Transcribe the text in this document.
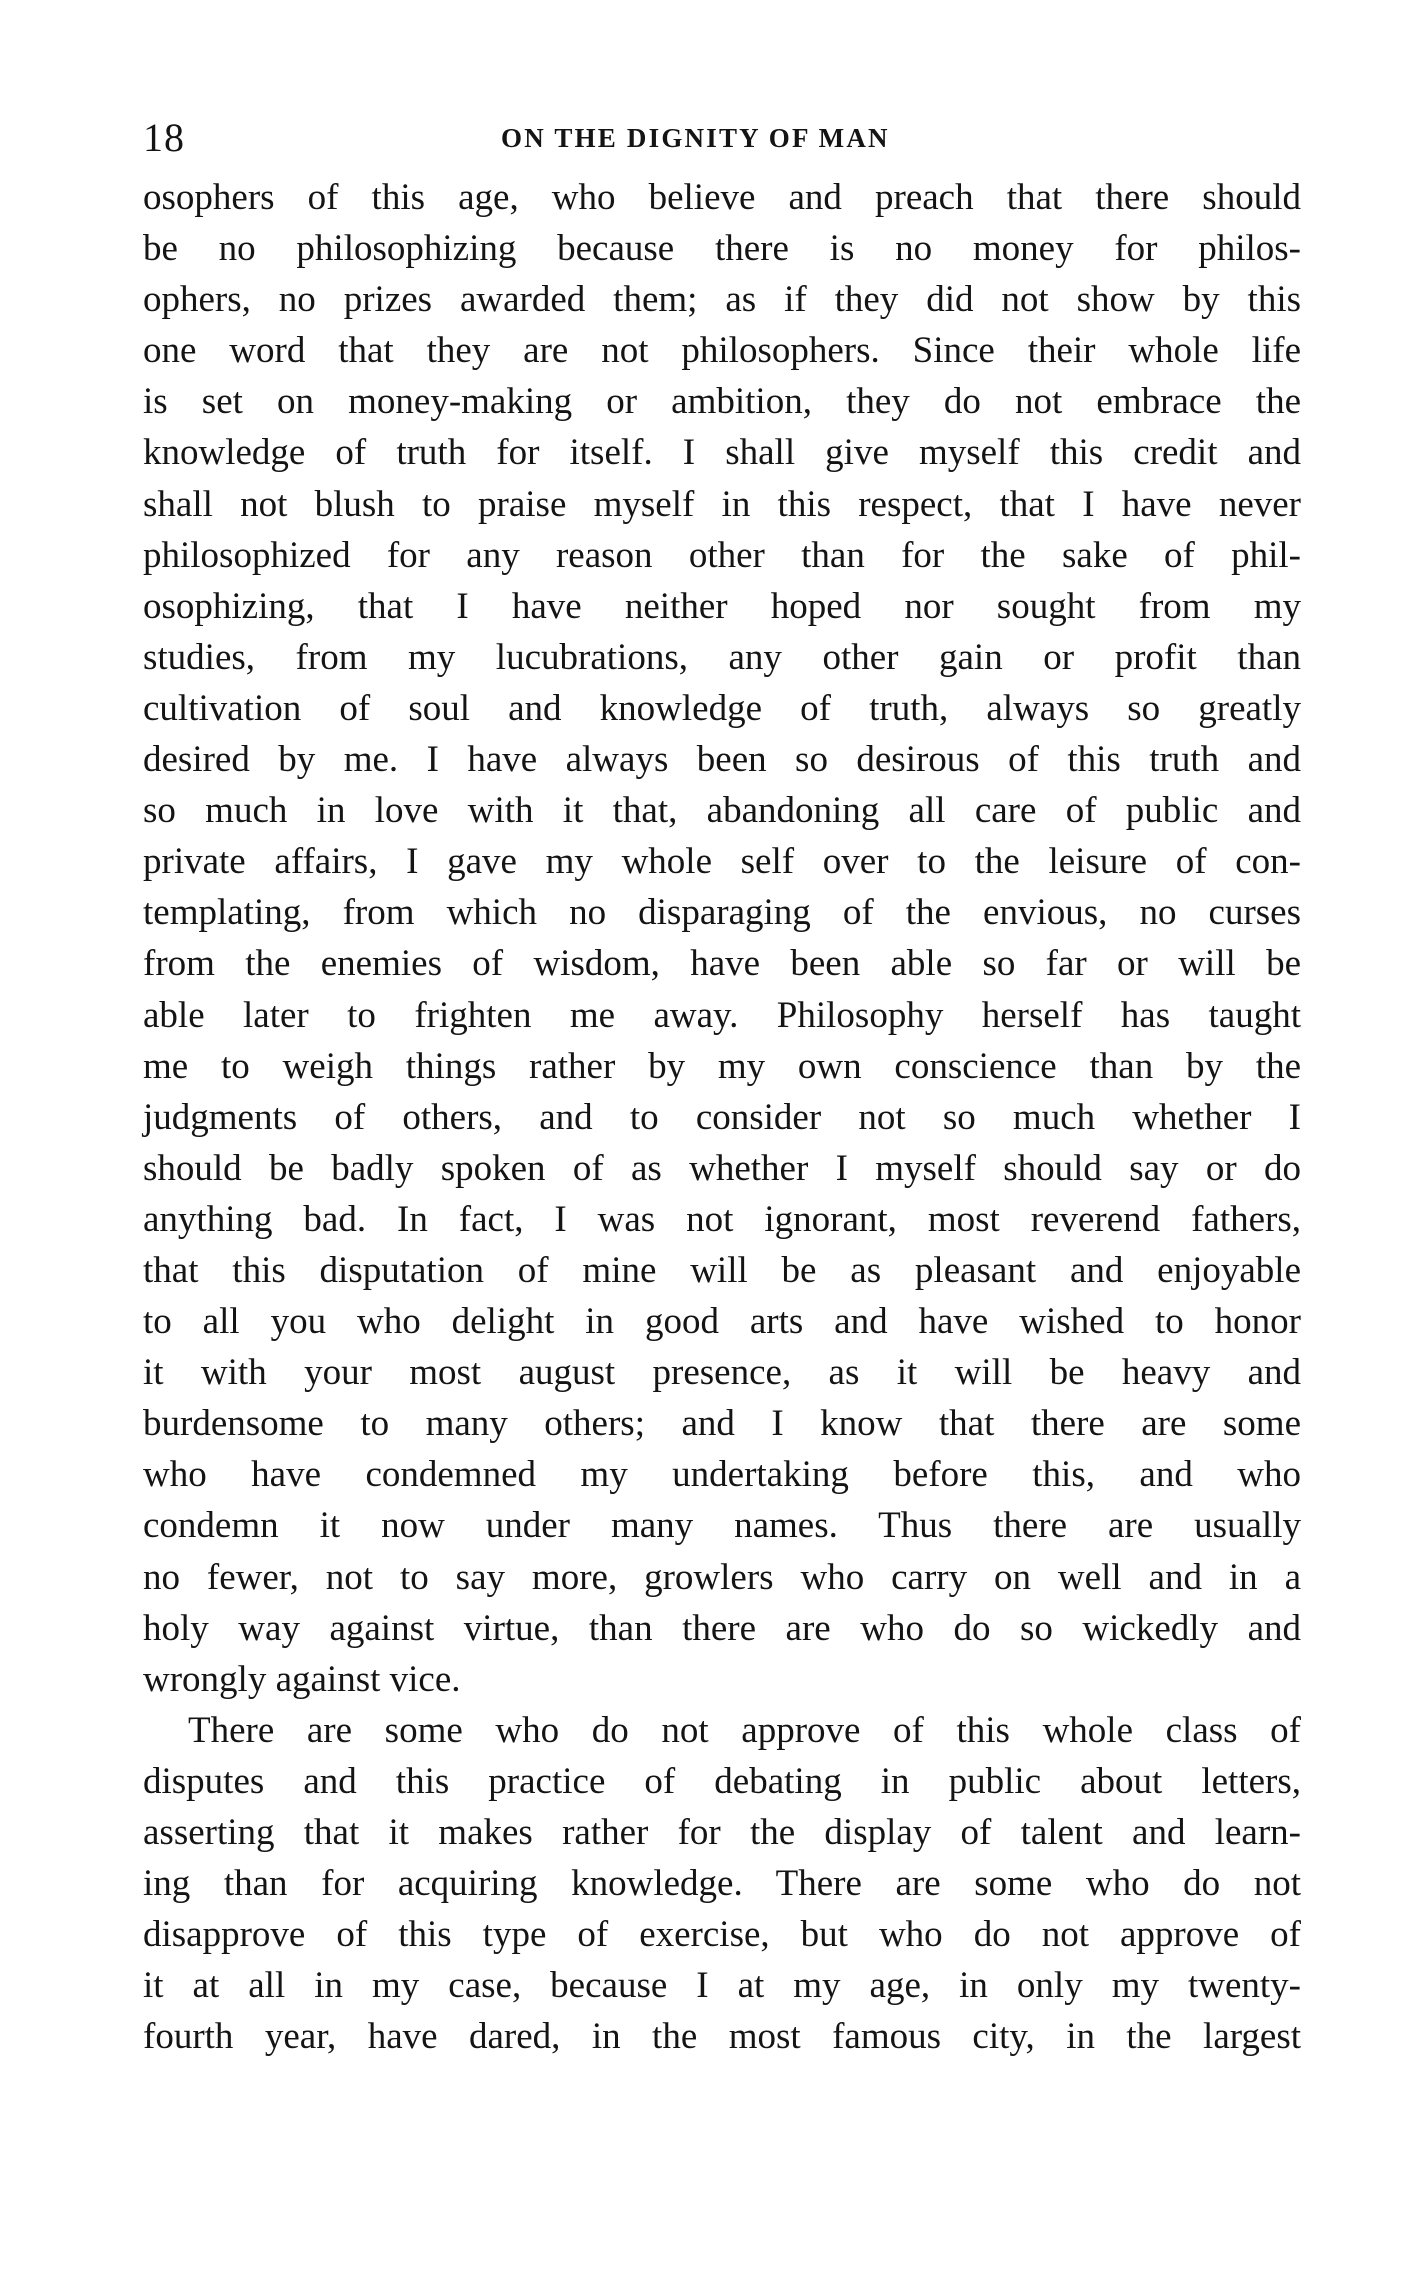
18	ON THE DIGNITY OF MAN
osophers of this age, who believe and preach that there should
be no philosophizing because there is no money for philos-
ophers, no prizes awarded them; as if they did not show by this
one word that they are not philosophers. Since their whole life
is set on money-making or ambition, they do not embrace the
knowledge of truth for itself. I shall give myself this credit and
shall not blush to praise myself in this respect, that I have never
philosophized for any reason other than for the sake of phil-
osophizing, that I have neither hoped nor sought from my
studies, from my lucubrations, any other gain or profit than
cultivation of soul and knowledge of truth, always so greatly
desired by me. I have always been so desirous of this truth and
so much in love with it that, abandoning all care of public and
private affairs, I gave my whole self over to the leisure of con-
templating, from which no disparaging of the envious, no curses
from the enemies of wisdom, have been able so far or will be
able later to frighten me away. Philosophy herself has taught
me to weigh things rather by my own conscience than by the
judgments of others, and to consider not so much whether I
should be badly spoken of as whether I myself should say or do
anything bad. In fact, I was not ignorant, most reverend fathers,
that this disputation of mine will be as pleasant and enjoyable
to all you who delight in good arts and have wished to honor
it with your most august presence, as it will be heavy and
burdensome to many others; and I know that there are some
who have condemned my undertaking before this, and who
condemn it now under many names. Thus there are usually
no fewer, not to say more, growlers who carry on well and in a
holy way against virtue, than there are who do so wickedly and
wrongly against vice.
There are some who do not approve of this whole class of
disputes and this practice of debating in public about letters,
asserting that it makes rather for the display of talent and learn-
ing than for acquiring knowledge. There are some who do not
disapprove of this type of exercise, but who do not approve of
it at all in my case, because I at my age, in only my twenty-
fourth year, have dared, in the most famous city, in the largest
